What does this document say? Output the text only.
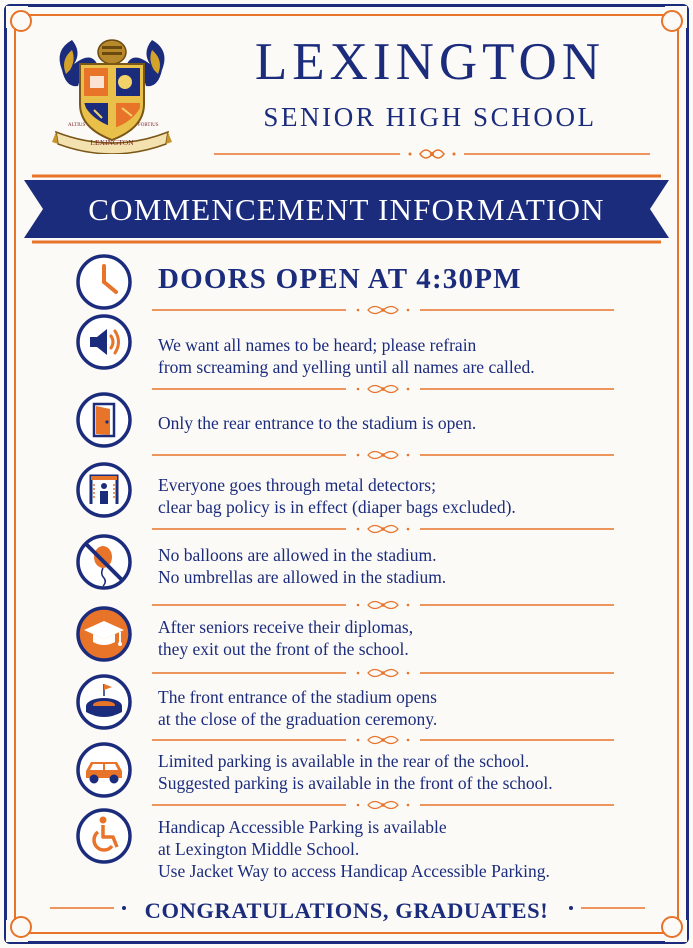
LEXINGTON
ALTIUS	FORTIUS
LEXINGTON
SENIOR HIGH SCHOOL
COMMENCEMENT INFORMATION
DOORS OPEN AT 4:30PM
We want all names to be heard; please refrain
from screaming and yelling until all names are called.
Only the rear entrance to the stadium is open.
Everyone goes through metal detectors;
clear bag policy is in effect (diaper bags excluded).
No balloons are allowed in the stadium.
No umbrellas are allowed in the stadium.
After seniors receive their diplomas,
they exit out the front of the school.
The front entrance of the stadium opens
at the close of the graduation ceremony.
Limited parking is available in the rear of the school.
Suggested parking is available in the front of the school.
Handicap Accessible Parking is available
at Lexington Middle School.
Use Jacket Way to access Handicap Accessible Parking.
CONGRATULATIONS, GRADUATES!
